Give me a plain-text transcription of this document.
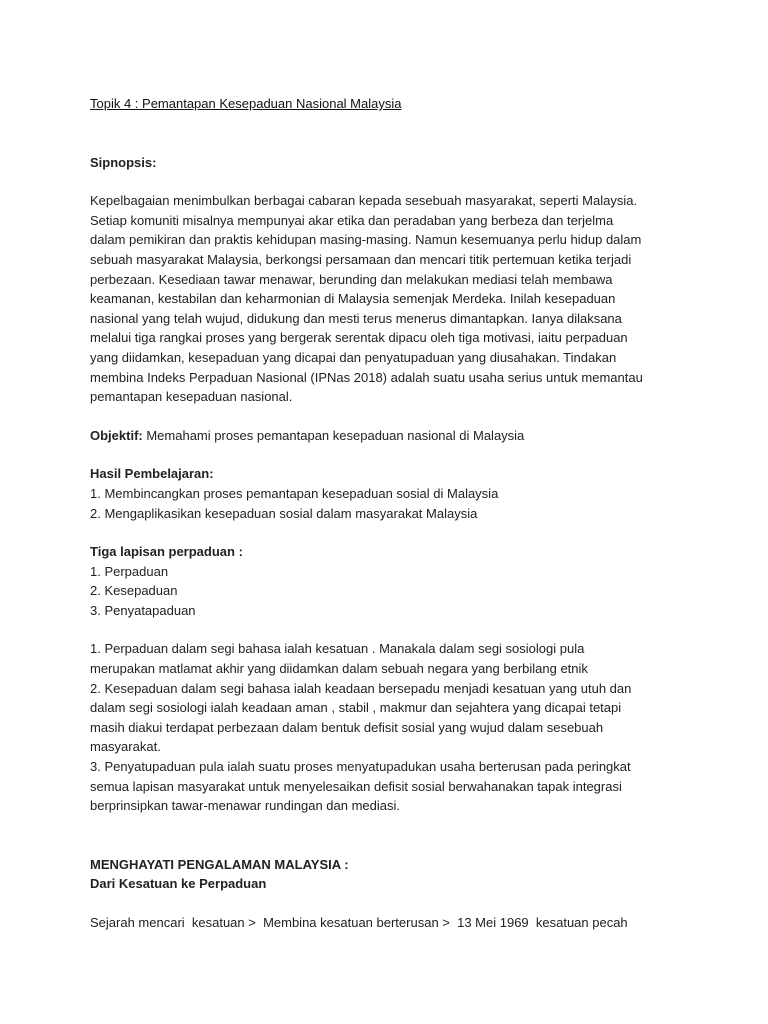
Topik 4 : Pemantapan Kesepaduan Nasional Malaysia

Sipnopsis:
Kepelbagaian menimbulkan berbagai cabaran kepada sesebuah masyarakat, seperti Malaysia.
Setiap komuniti misalnya mempunyai akar etika dan peradaban yang berbeza dan terjelma
dalam pemikiran dan praktis kehidupan masing-masing. Namun kesemuanya perlu hidup dalam
sebuah masyarakat Malaysia, berkongsi persamaan dan mencari titik pertemuan ketika terjadi
perbezaan. Kesediaan tawar menawar, berunding dan melakukan mediasi telah membawa
keamanan, kestabilan dan keharmonian di Malaysia semenjak Merdeka. Inilah kesepaduan
nasional yang telah wujud, didukung dan mesti terus menerus dimantapkan. Ianya dilaksana
melalui tiga rangkai proses yang bergerak serentak dipacu oleh tiga motivasi, iaitu perpaduan
yang diidamkan, kesepaduan yang dicapai dan penyatupaduan yang diusahakan. Tindakan
membina Indeks Perpaduan Nasional (IPNas 2018) adalah suatu usaha serius untuk memantau
pemantapan kesepaduan nasional.
Objektif: Memahami proses pemantapan kesepaduan nasional di Malaysia
Hasil Pembelajaran:
1. Membincangkan proses pemantapan kesepaduan sosial di Malaysia
2. Mengaplikasikan kesepaduan sosial dalam masyarakat Malaysia
Tiga lapisan perpaduan :
1. Perpaduan
2. Kesepaduan
3. Penyatapaduan
1. Perpaduan dalam segi bahasa ialah kesatuan . Manakala dalam segi sosiologi pula
merupakan matlamat akhir yang diidamkan dalam sebuah negara yang berbilang etnik
2. Kesepaduan dalam segi bahasa ialah keadaan bersepadu menjadi kesatuan yang utuh dan
dalam segi sosiologi ialah keadaan aman , stabil , makmur dan sejahtera yang dicapai tetapi
masih diakui terdapat perbezaan dalam bentuk defisit sosial yang wujud dalam sesebuah
masyarakat.
3. Penyatupaduan pula ialah suatu proses menyatupadukan usaha berterusan pada peringkat
semua lapisan masyarakat untuk menyelesaikan defisit sosial berwahanakan tapak integrasi
berprinsipkan tawar-menawar rundingan dan mediasi.
MENGHAYATI PENGALAMAN MALAYSIA :
Dari Kesatuan ke Perpaduan
Sejarah mencari  kesatuan >  Membina kesatuan berterusan >  13 Mei 1969  kesatuan pecah
